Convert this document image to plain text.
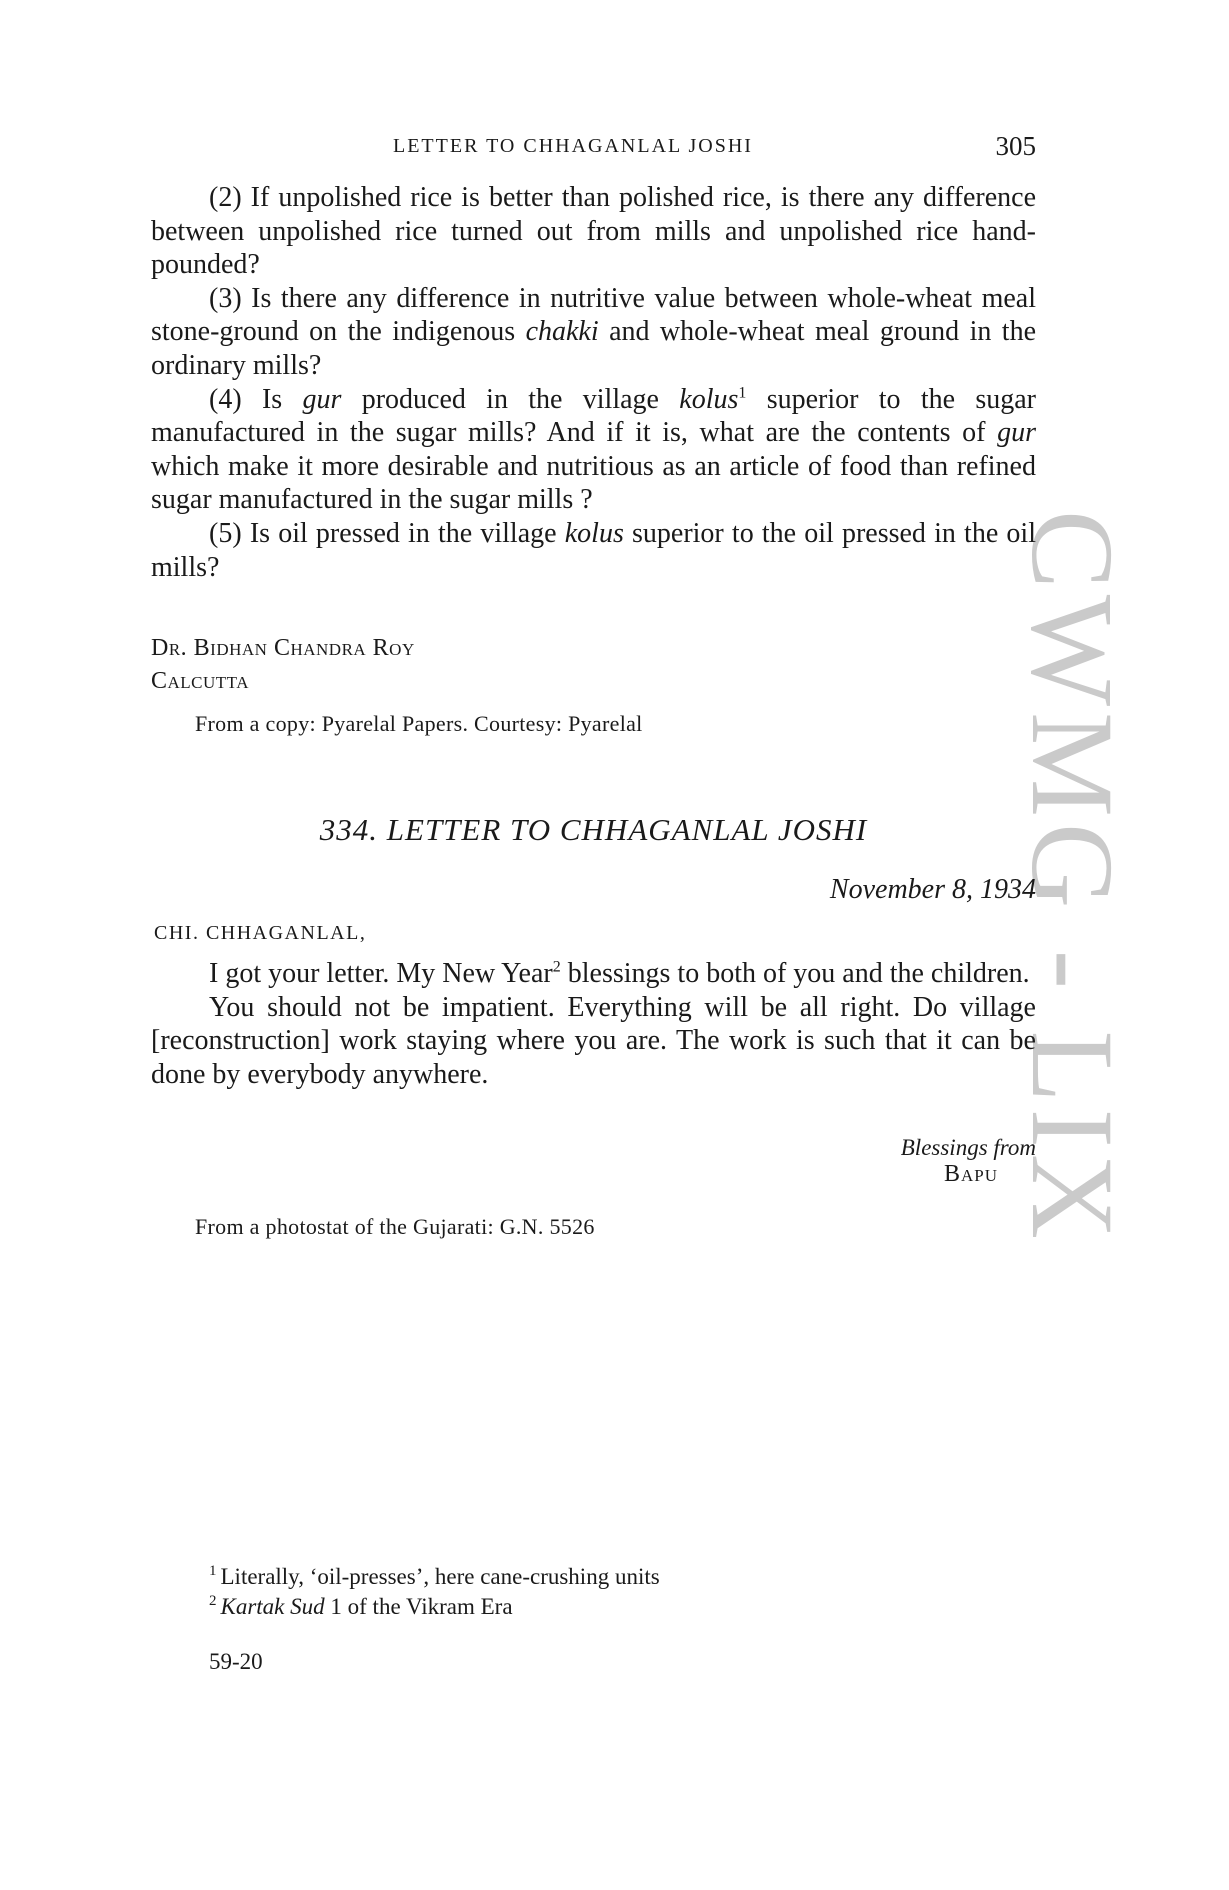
CWMG - LIX
LETTER TO CHHAGANLAL JOSHI	305

(2) If unpolished rice is better than polished rice, is there any difference between unpolished rice turned out from mills and unpolished rice hand-pounded?

(3) Is there any difference in nutritive value between whole-wheat meal stone-ground on the indigenous chakki and whole-wheat meal ground in the ordinary mills?

(4) Is gur produced in the village kolus$^1$ superior to the sugar manufactured in the sugar mills? And if it is, what are the contents of gur which make it more desirable and nutritious as an article of food than refined sugar manufactured in the sugar mills ?

(5) Is oil pressed in the village kolus superior to the oil pressed in the oil mills?

Dr. Bidhan Chandra Roy

Calcutta

From a copy: Pyarelal Papers. Courtesy: Pyarelal

334. LETTER TO CHHAGANLAL JOSHI
November 8, 1934
CHI. CHHAGANLAL,

I got your letter. My New Year$^2$ blessings to both of you and the children.

You should not be impatient. Everything will be all right. Do village [reconstruction] work staying where you are. The work is such that it can be done by everybody anywhere.

Blessings from

Bapu

From a photostat of the Gujarati: G.N. 5526

$^1$ Literally, ‘oil-presses’, here cane-crushing units

$^2$ Kartak Sud 1 of the Vikram Era

59-20
